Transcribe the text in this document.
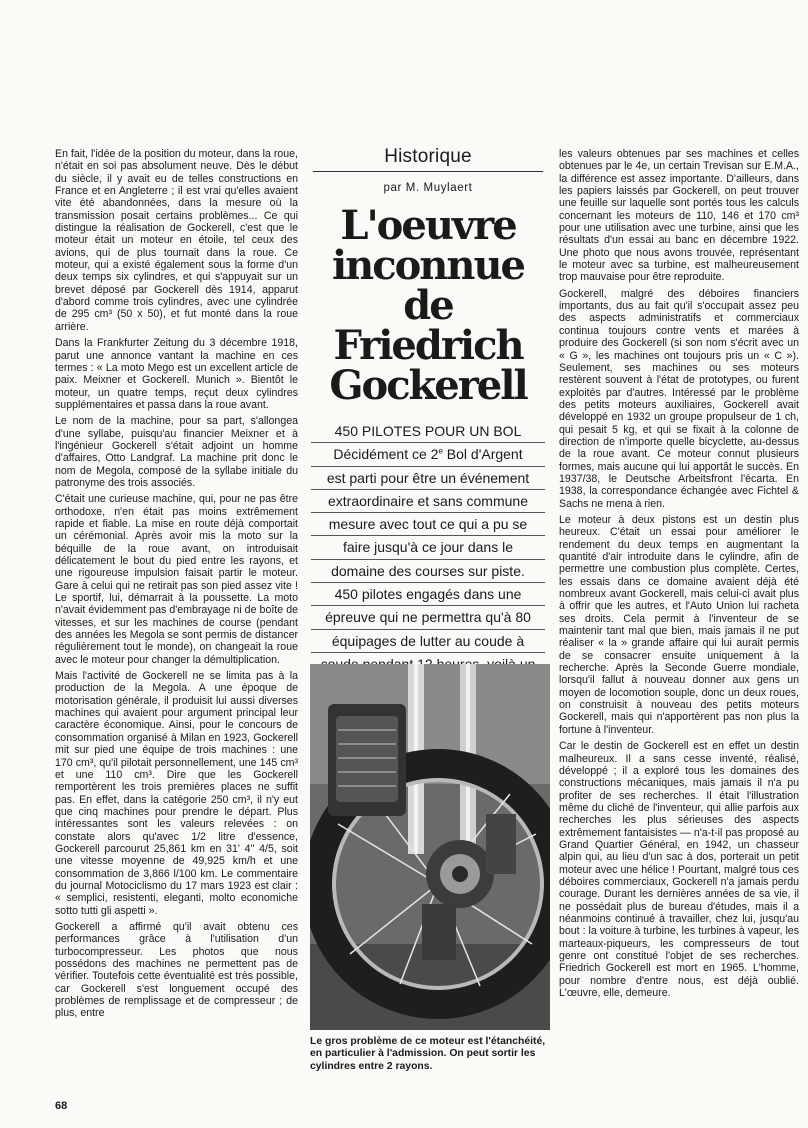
En fait, l'idée de la position du moteur, dans la roue, n'était en soi pas absolument neuve. Dès le début du siècle, il y avait eu de telles constructions en France et en Angleterre ; il est vrai qu'elles avaient vite été abandonnées, dans la mesure où la transmission posait certains problèmes... Ce qui distingue la réalisation de Gockerell, c'est que le moteur était un moteur en étoile, tel ceux des avions, qui de plus tournait dans la roue. Ce moteur, qui a existé également sous la forme d'un deux temps six cylindres, et qui s'appuyait sur un brevet déposé par Gockerell dès 1914, apparut d'abord comme trois cylindres, avec une cylindrée de 295 cm³ (50 x 50), et fut monté dans la roue arrière.

Dans la Frankfurter Zeitung du 3 décembre 1918, parut une annonce vantant la machine en ces termes : « La moto Mego est un excellent article de paix. Meixner et Gockerell. Munich ». Bientôt le moteur, un quatre temps, reçut deux cylindres supplémentaires et passa dans la roue avant.

Le nom de la machine, pour sa part, s'allongea d'une syllabe, puisqu'au financier Meixner et à l'ingénieur Gockerell s'était adjoint un homme d'affaires, Otto Landgraf. La machine prit donc le nom de Megola, composé de la syllabe initiale du patronyme des trois associés.

C'était une curieuse machine, qui, pour ne pas être orthodoxe, n'en était pas moins extrêmement rapide et fiable. La mise en route déjà comportait un cérémonial. Après avoir mis la moto sur la béquille de la roue avant, on introduisait délicatement le bout du pied entre les rayons, et une rigoureuse impulsion faisait partir le moteur. Gare à celui qui ne retirait pas son pied assez vite ! Le sportif, lui, démarrait à la poussette. La moto n'avait évidemment pas d'embrayage ni de boîte de vitesses, et sur les machines de course (pendant des années les Megola se sont permis de distancer régulièrement tout le monde), on changeait la roue avec le moteur pour changer la démultiplication.

Mais l'activité de Gockerell ne se limita pas à la production de la Megola. A une époque de motorisation générale, il produisit lui aussi diverses machines qui avaient pour argument principal leur caractère économique. Ainsi, pour le concours de consommation organisé à Milan en 1923, Gockerell mit sur pied une équipe de trois machines : une 170 cm³, qu'il pilotait personnellement, une 145 cm³ et une 110 cm³. Dire que les Gockerell remportèrent les trois premières places ne suffit pas. En effet, dans la catégorie 250 cm³, il n'y eut que cinq machines pour prendre le départ. Plus intéressantes sont les valeurs relevées : on constate alors qu'avec 1/2 litre d'essence, Gockerell parcourut 25,861 km en 31' 4'' 4/5, soit une vitesse moyenne de 49,925 km/h et une consommation de 3,866 l/100 km. Le commentaire du journal Motociclismo du 17 mars 1923 est clair : « semplici, resistenti, eleganti, molto economiche sotto tutti gli aspetti ».

Gockerell a affirmé qu'il avait obtenu ces performances grâce à l'utilisation d'un turbocompresseur. Les photos que nous possédons des machines ne permettent pas de vérifier. Toutefois cette éventualité est très possible, car Gockerell s'est longuement occupé des problèmes de remplissage et de compresseur ; de plus, entre

Historique
par M. Muylaert
L'oeuvre
inconnue
de Friedrich
Gockerell
450 PILOTES POUR UN BOL
Décidément ce 2e Bol d'Argent
est parti pour être un événement
extraordinaire et sans commune
mesure avec tout ce qui a pu se
faire jusqu'à ce jour dans le
domaine des courses sur piste.
450 pilotes engagés dans une
épreuve qui ne permettra qu'à 80
équipages de lutter au coude à
Le gros problème de ce moteur est l'étanchéité, en particulier à l'admission. On peut sortir les cylindres entre 2 rayons.

les valeurs obtenues par ses machines et celles obtenues par le 4e, un certain Trevisan sur E.M.A., la différence est assez importante. D'ailleurs, dans les papiers laissés par Gockerell, on peut trouver une feuille sur laquelle sont portés tous les calculs concernant les moteurs de 110, 146 et 170 cm³ pour une utilisation avec une turbine, ainsi que les résultats d'un essai au banc en décembre 1922. Une photo que nous avons trouvée, représentant le moteur avec sa turbine, est malheureusement trop mauvaise pour être reproduite.

Gockerell, malgré des déboires financiers importants, dus au fait qu'il s'occupait assez peu des aspects administratifs et commerciaux continua toujours contre vents et marées à produire des Gockerell (si son nom s'écrit avec un « G », les machines ont toujours pris un « C »). Seulement, ses machines ou ses moteurs restèrent souvent à l'état de prototypes, ou furent exploités par d'autres. Intéressé par le problème des petits moteurs auxiliaires, Gockerell avait développé en 1932 un groupe propulseur de 1 ch, qui pesait 5 kg, et qui se fixait à la colonne de direction de n'importe quelle bicyclette, au-dessus de la roue avant. Ce moteur connut plusieurs formes, mais aucune qui lui apportât le succès. En 1937/38, le Deutsche Arbeitsfront l'écarta. En 1938, la correspondance échangée avec Fichtel & Sachs ne mena à rien.

Le moteur à deux pistons est un destin plus heureux. C'était un essai pour améliorer le rendement du deux temps en augmentant la quantité d'air introduite dans le cylindre, afin de permettre une combustion plus complète. Certes, les essais dans ce domaine avaient déjà été nombreux avant Gockerell, mais celui-ci avait plus à offrir que les autres, et l'Auto Union lui racheta ses droits. Cela permit à l'inventeur de se maintenir tant mal que bien, mais jamais il ne put réaliser « la » grande affaire qui lui aurait permis de se consacrer ensuite uniquement à la recherche. Après la Seconde Guerre mondiale, lorsqu'il fallut à nouveau donner aux gens un moyen de locomotion souple, donc un deux roues, on construisit à nouveau des petits moteurs Gockerell, mais qui n'apportèrent pas non plus la fortune à l'inventeur.

Car le destin de Gockerell est en effet un destin malheureux. Il a sans cesse inventé, réalisé, développé ; il a exploré tous les domaines des constructions mécaniques, mais jamais il n'a pu profiter de ses recherches. Il était l'illustration même du cliché de l'inventeur, qui allie parfois aux recherches les plus sérieuses des aspects extrêmement fantaisistes — n'a-t-il pas proposé au Grand Quartier Général, en 1942, un chasseur alpin qui, au lieu d'un sac à dos, porterait un petit moteur avec une hélice ! Pourtant, malgré tous ces déboires commerciaux, Gockerell n'a jamais perdu courage. Durant les dernières années de sa vie, il ne possédait plus de bureau d'études, mais il a néanmoins continué à travailler, chez lui, jusqu'au bout : la voiture à turbine, les turbines à vapeur, les marteaux-piqueurs, les compresseurs de tout genre ont constitué l'objet de ses recherches. Friedrich Gockerell est mort en 1965. L'homme, pour nombre d'entre nous, est déjà oublié. L'œuvre, elle, demeure.

68
